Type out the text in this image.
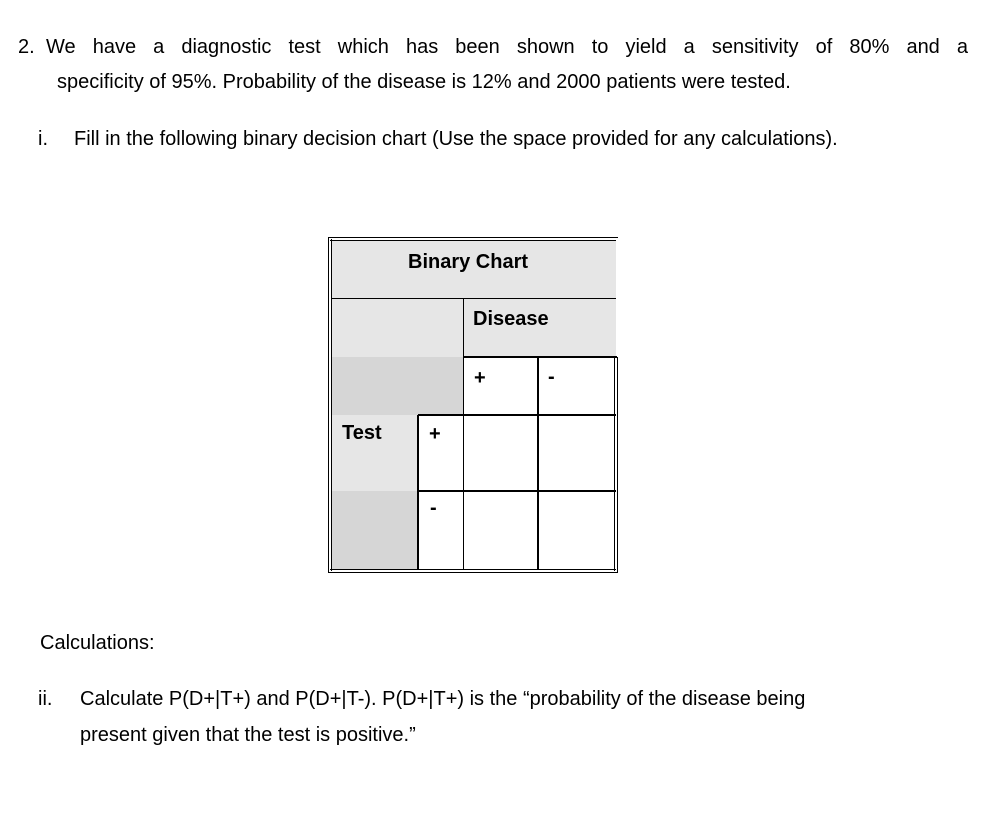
2. We have a diagnostic test which has been shown to yield a sensitivity of 80% and a
specificity of 95%. Probability of the disease is 12% and 2000 patients were tested.
i. Fill in the following binary decision chart (Use the space provided for any calculations).
Binary Chart
Disease
Test
+	-
+
-
Calculations:
ii. Calculate P(D+|T+) and P(D+|T-). P(D+|T+) is the “probability of the disease being
present given that the test is positive.”
